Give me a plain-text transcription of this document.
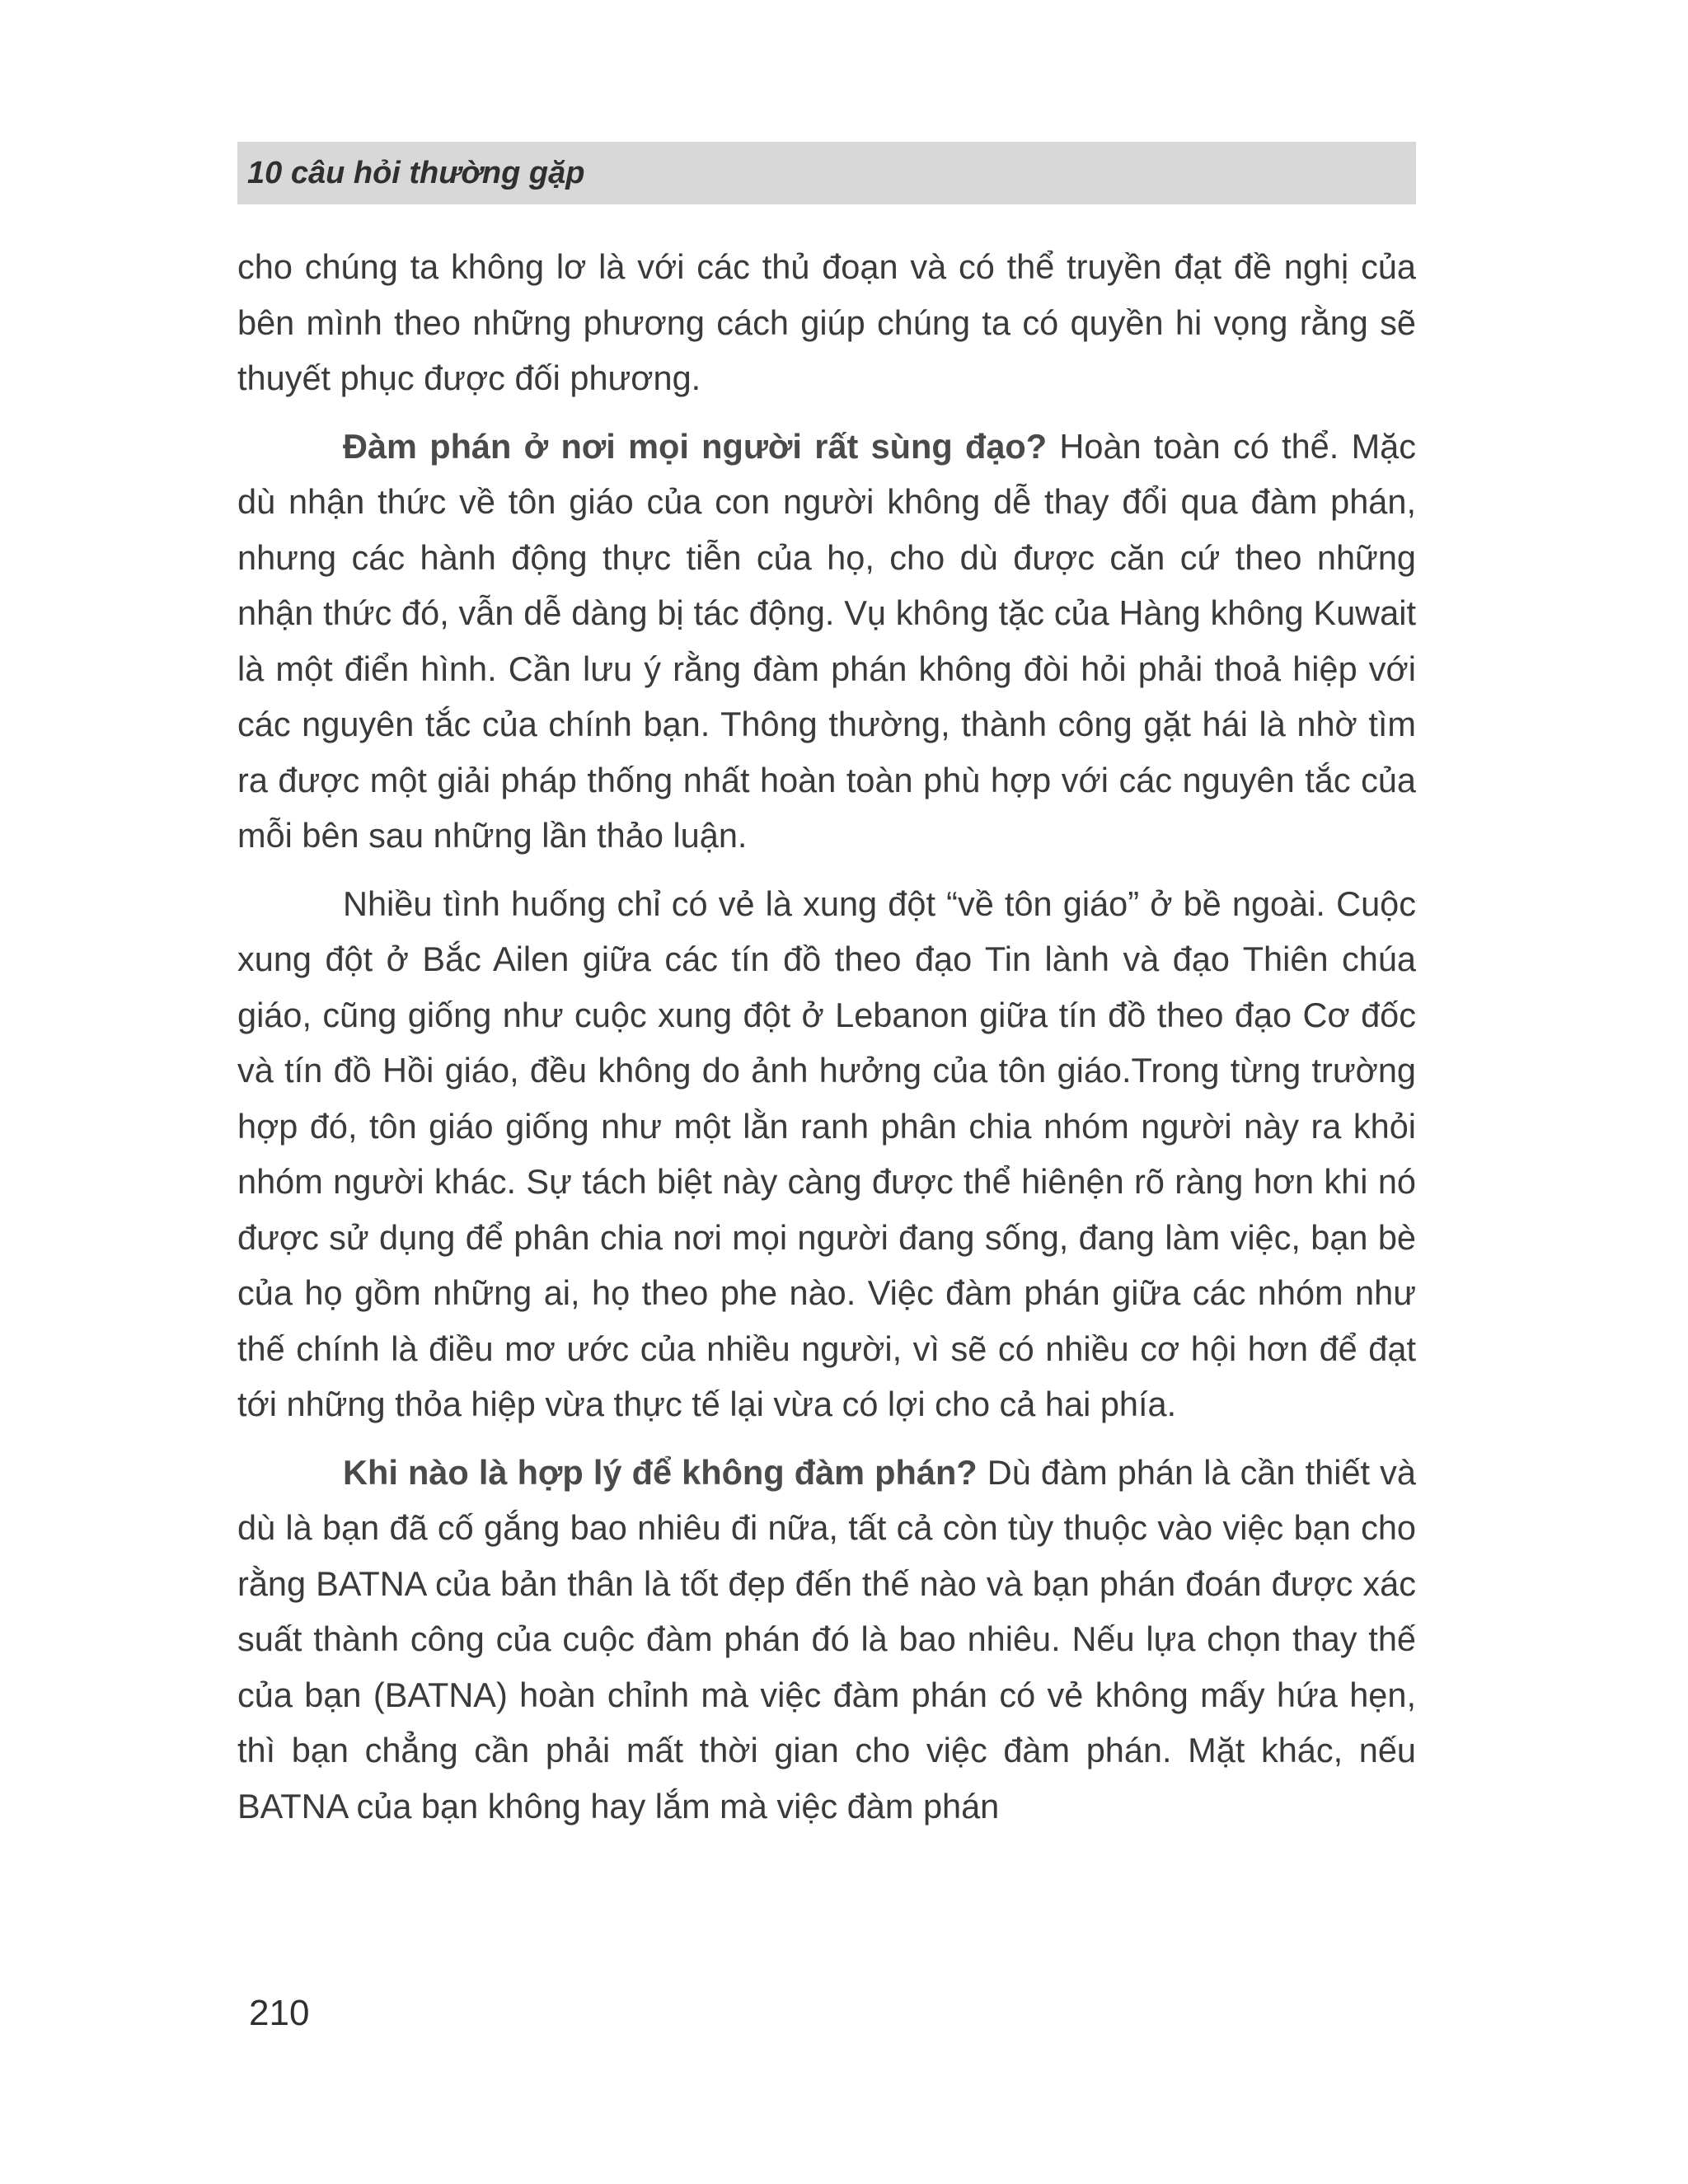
10 câu hỏi thường gặp

cho chúng ta không lơ là với các thủ đoạn và có thể truyền đạt đề nghị của bên mình theo những phương cách giúp chúng ta có quyền hi vọng rằng sẽ thuyết phục được đối phương.

Đàm phán ở nơi mọi người rất sùng đạo? Hoàn toàn có thể. Mặc dù nhận thức về tôn giáo của con người không dễ thay đổi qua đàm phán, nhưng các hành động thực tiễn của họ, cho dù được căn cứ theo những nhận thức đó, vẫn dễ dàng bị tác động. Vụ không tặc của Hàng không Kuwait là một điển hình. Cần lưu ý rằng đàm phán không đòi hỏi phải thoả hiệp với các nguyên tắc của chính bạn. Thông thường, thành công gặt hái là nhờ tìm ra được một giải pháp thống nhất hoàn toàn phù hợp với các nguyên tắc của mỗi bên sau những lần thảo luận.

Nhiều tình huống chỉ có vẻ là xung đột “về tôn giáo” ở bề ngoài. Cuộc xung đột ở Bắc Ailen giữa các tín đồ theo đạo Tin lành và đạo Thiên chúa giáo, cũng giống như cuộc xung đột ở Lebanon giữa tín đồ theo đạo Cơ đốc và tín đồ Hồi giáo, đều không do ảnh hưởng của tôn giáo.Trong từng trường hợp đó, tôn giáo giống như một lằn ranh phân chia nhóm người này ra khỏi nhóm người khác. Sự tách biệt này càng được thể hiênện rõ ràng hơn khi nó được sử dụng để phân chia nơi mọi người đang sống, đang làm việc, bạn bè của họ gồm những ai, họ theo phe nào. Việc đàm phán giữa các nhóm như thế chính là điều mơ ước của nhiều người, vì sẽ có nhiều cơ hội hơn để đạt tới những thỏa hiệp vừa thực tế lại vừa có lợi cho cả hai phía.

Khi nào là hợp lý để không đàm phán? Dù đàm phán là cần thiết và dù là bạn đã cố gắng bao nhiêu đi nữa, tất cả còn tùy thuộc vào việc bạn cho rằng BATNA của bản thân là tốt đẹp đến thế nào và bạn phán đoán được xác suất thành công của cuộc đàm phán đó là bao nhiêu. Nếu lựa chọn thay thế của bạn (BATNA) hoàn chỉnh mà việc đàm phán có vẻ không mấy hứa hẹn, thì bạn chẳng cần phải mất thời gian cho việc đàm phán. Mặt khác, nếu BATNA của bạn không hay lắm mà việc đàm phán

210
